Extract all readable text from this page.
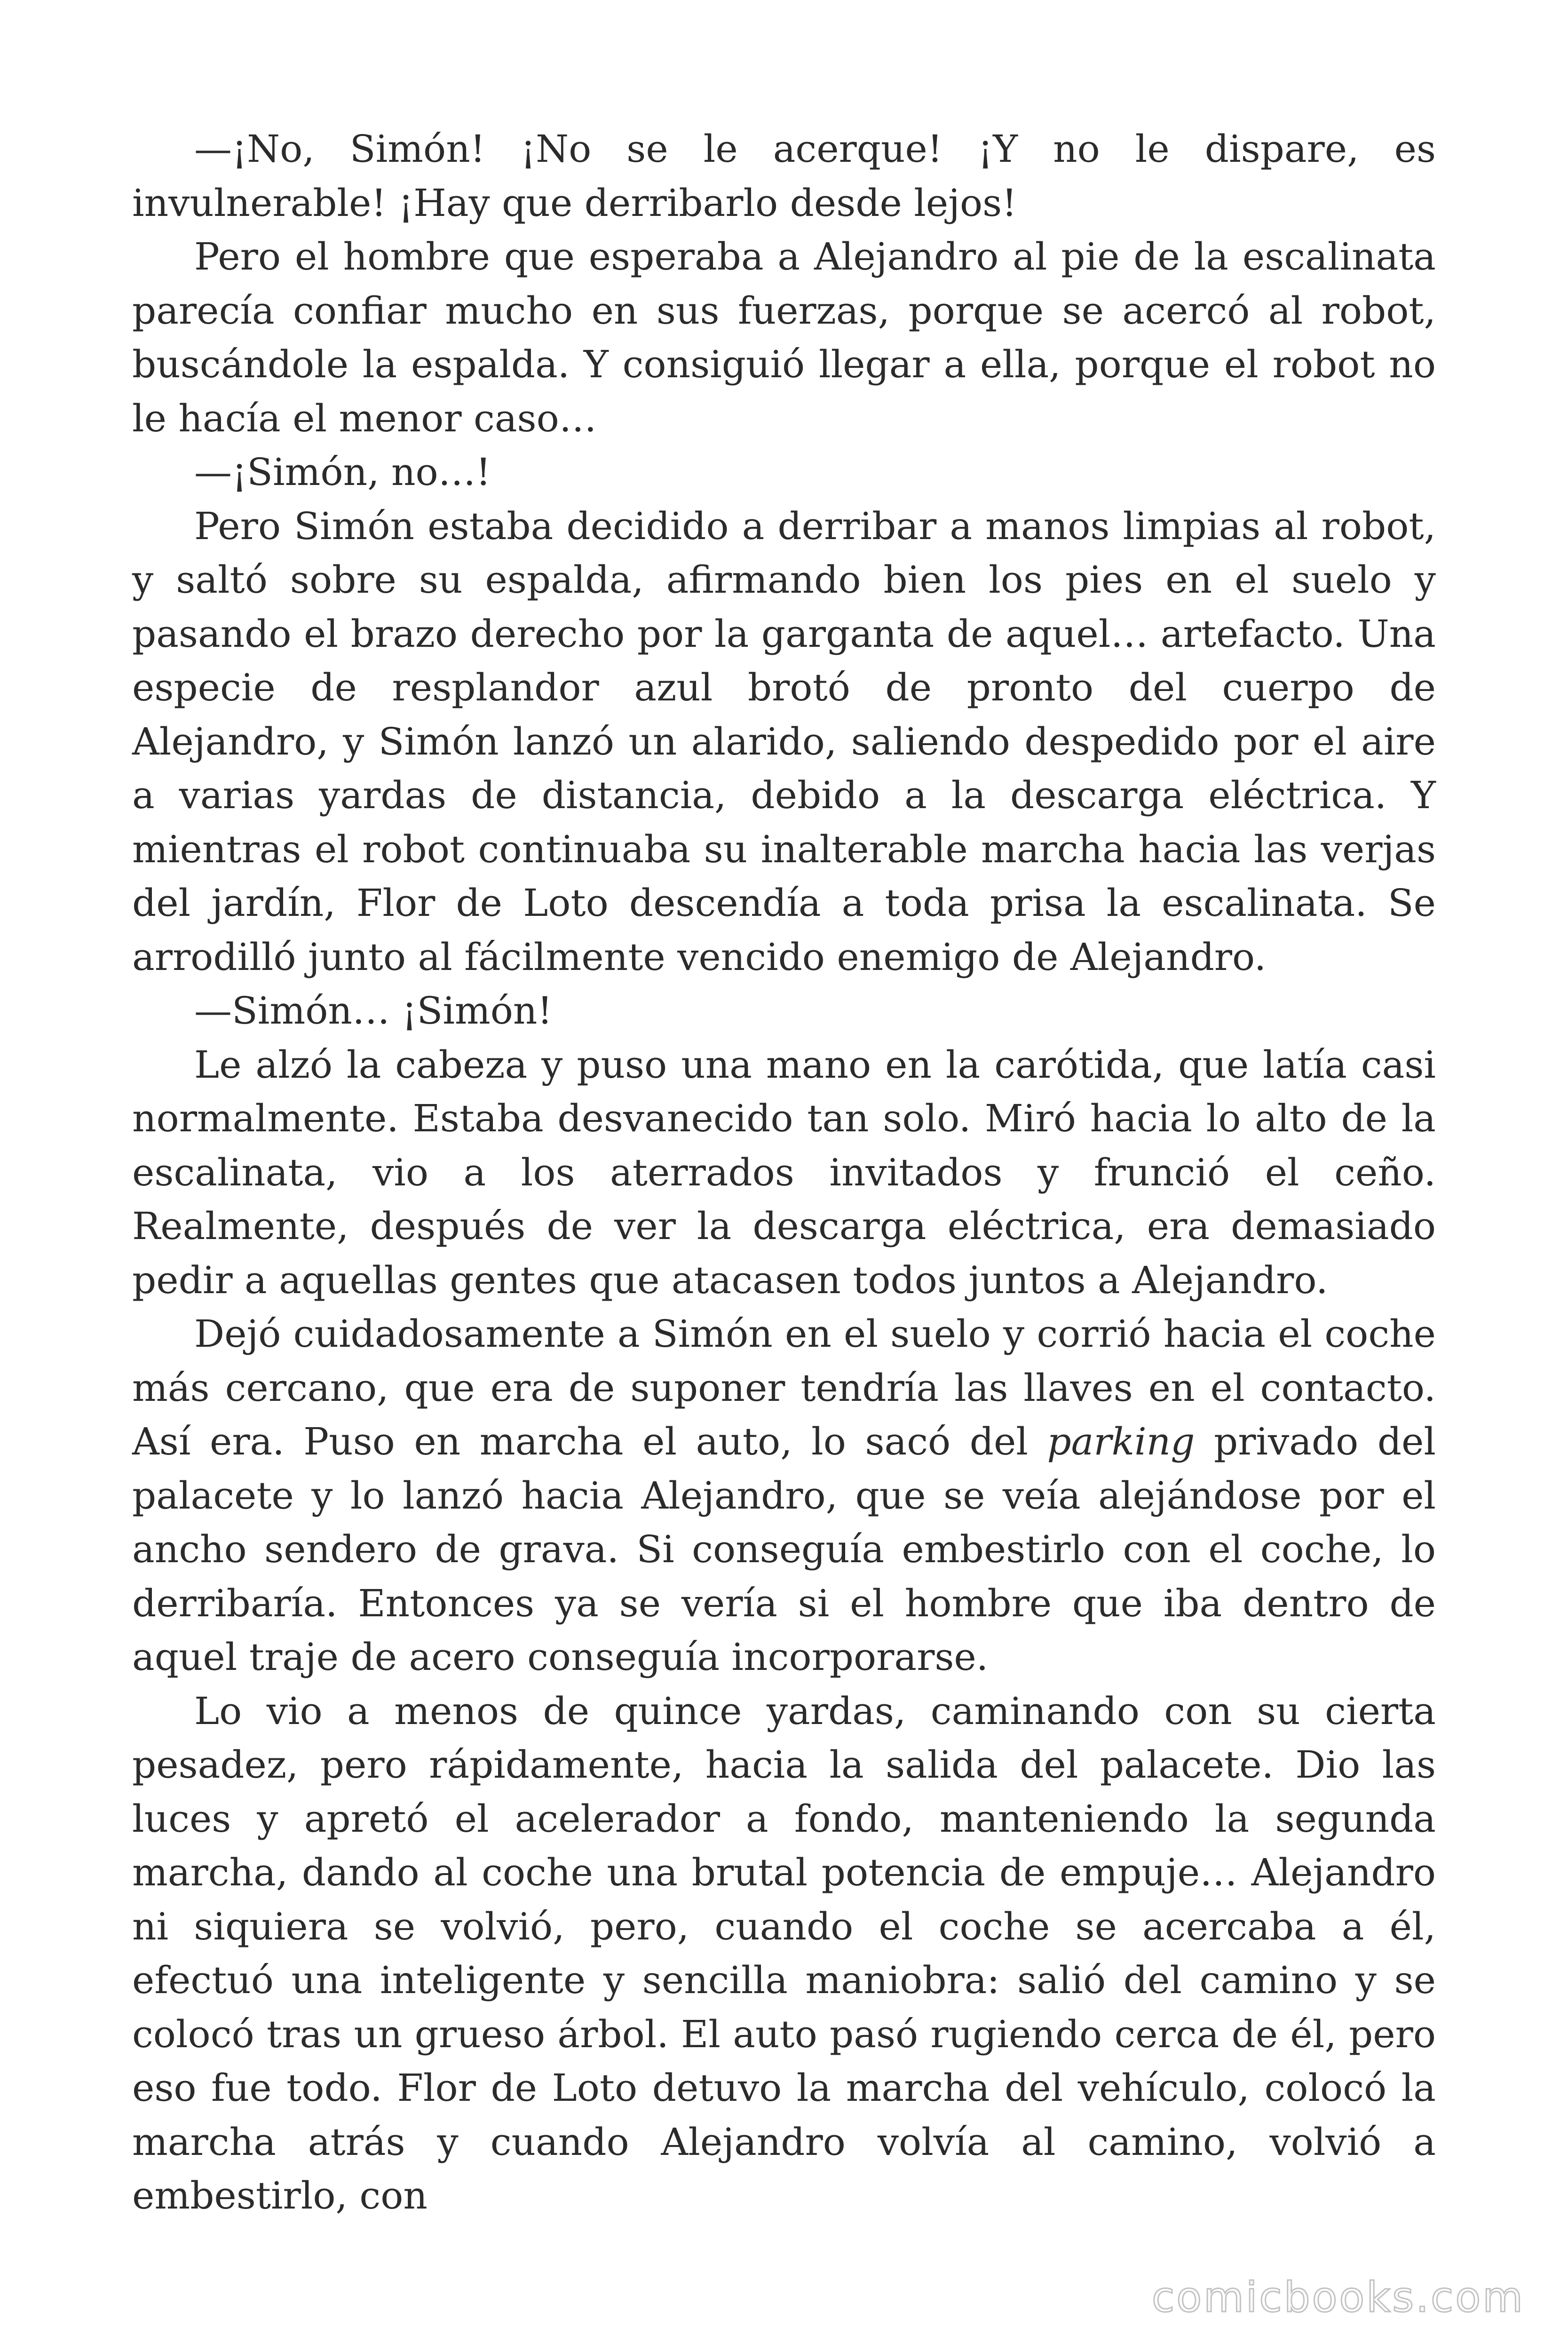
—¡No, Simón! ¡No se le acerque! ¡Y no le dispare, es invulnerable! ¡Hay que derribarlo desde lejos!

Pero el hombre que esperaba a Alejandro al pie de la escalinata parecía confiar mucho en sus fuerzas, porque se acercó al robot, buscándole la espalda. Y consiguió llegar a ella, porque el robot no le hacía el menor caso…

—¡Simón, no…!

Pero Simón estaba decidido a derribar a manos limpias al robot, y saltó sobre su espalda, afirmando bien los pies en el suelo y pasando el brazo derecho por la garganta de aquel… artefacto. Una especie de resplandor azul brotó de pronto del cuerpo de Alejandro, y Simón lanzó un alarido, saliendo despedido por el aire a varias yardas de distancia, debido a la descarga eléctrica. Y mientras el robot continuaba su inalterable marcha hacia las verjas del jardín, Flor de Loto descendía a toda prisa la escalinata. Se arrodilló junto al fácilmente vencido enemigo de Alejandro.

—Simón… ¡Simón!

Le alzó la cabeza y puso una mano en la carótida, que latía casi normalmente. Estaba desvanecido tan solo. Miró hacia lo alto de la escalinata, vio a los aterrados invitados y frunció el ceño. Realmente, después de ver la descarga eléctrica, era demasiado pedir a aquellas gentes que atacasen todos juntos a Alejandro.

Dejó cuidadosamente a Simón en el suelo y corrió hacia el coche más cercano, que era de suponer tendría las llaves en el contacto. Así era. Puso en marcha el auto, lo sacó del parking privado del palacete y lo lanzó hacia Alejandro, que se veía alejándose por el ancho sendero de grava. Si conseguía embestirlo con el coche, lo derribaría. Entonces ya se vería si el hombre que iba dentro de aquel traje de acero conseguía incorporarse.

Lo vio a menos de quince yardas, caminando con su cierta pesadez, pero rápidamente, hacia la salida del palacete. Dio las luces y apretó el acelerador a fondo, manteniendo la segunda marcha, dando al coche una brutal potencia de empuje… Alejandro ni siquiera se volvió, pero, cuando el coche se acercaba a él, efectuó una inteligente y sencilla maniobra: salió del camino y se colocó tras un grueso árbol. El auto pasó rugiendo cerca de él, pero eso fue todo. Flor de Loto detuvo la marcha del vehículo, colocó la marcha atrás y cuando Alejandro volvía al camino, volvió a embestirlo, con

comicbooks.com
